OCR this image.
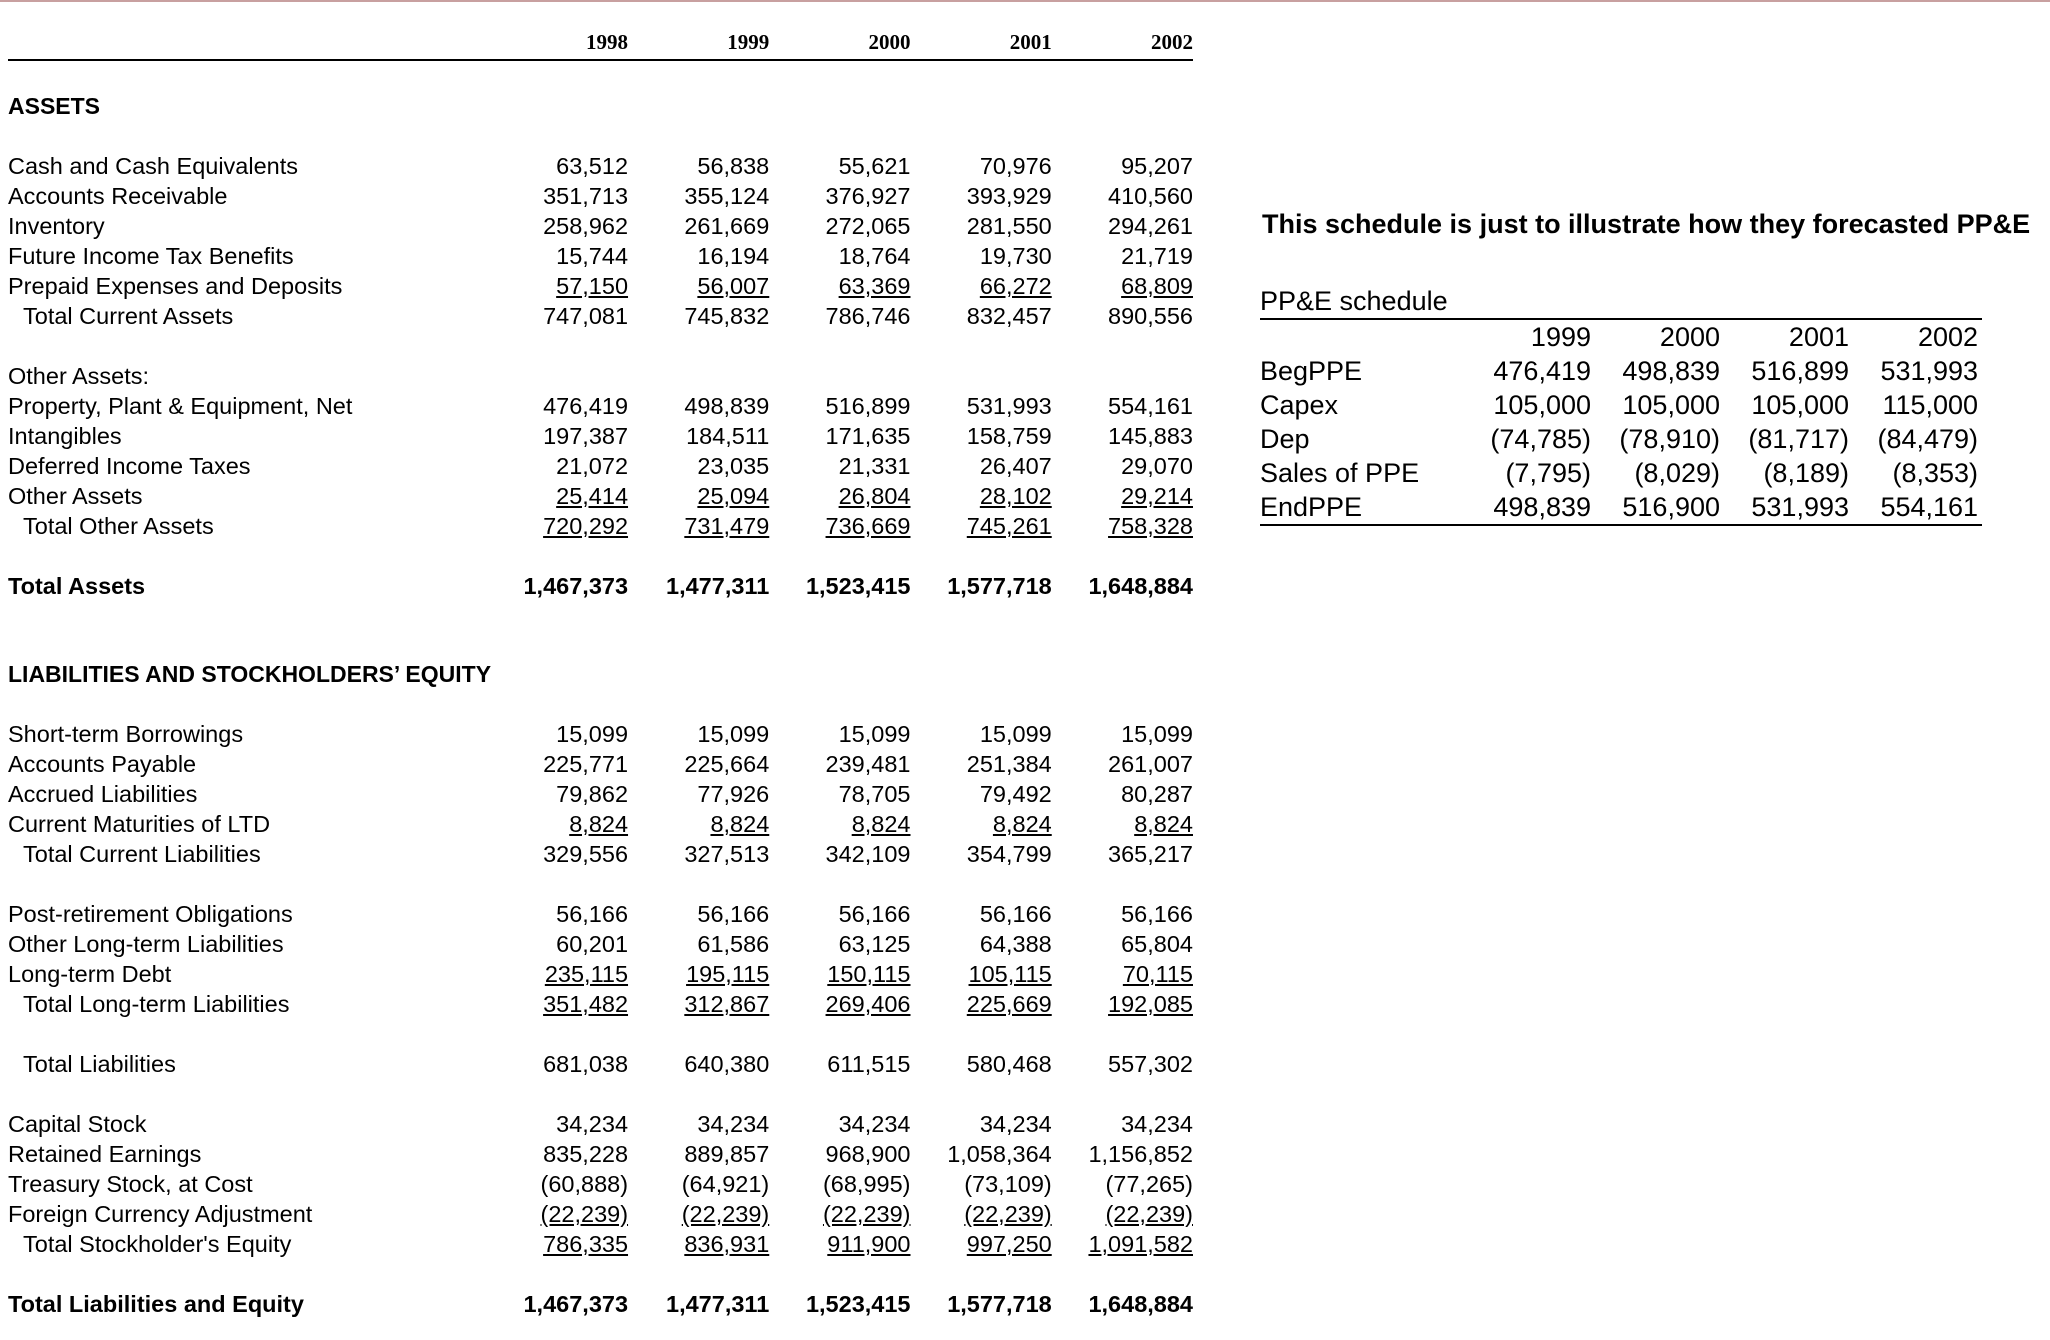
	1998	1999	2000	2001	2002

ASSETS					

Cash and Cash Equivalents	63,512	56,838	55,621	70,976	95,207
Accounts Receivable	351,713	355,124	376,927	393,929	410,560
Inventory	258,962	261,669	272,065	281,550	294,261
Future Income Tax Benefits	15,744	16,194	18,764	19,730	21,719
Prepaid Expenses and Deposits	57,150	56,007	63,369	66,272	68,809
Total Current Assets	747,081	745,832	786,746	832,457	890,556

Other Assets:					
Property, Plant & Equipment, Net	476,419	498,839	516,899	531,993	554,161
Intangibles	197,387	184,511	171,635	158,759	145,883
Deferred Income Taxes	21,072	23,035	21,331	26,407	29,070
Other Assets	25,414	25,094	26,804	28,102	29,214
Total Other Assets	720,292	731,479	736,669	745,261	758,328

Total Assets	1,467,373	1,477,311	1,523,415	1,577,718	1,648,884

LIABILITIES AND STOCKHOLDERS’ EQUITY					

Short-term Borrowings	15,099	15,099	15,099	15,099	15,099
Accounts Payable	225,771	225,664	239,481	251,384	261,007
Accrued Liabilities	79,862	77,926	78,705	79,492	80,287
Current Maturities of LTD	8,824	8,824	8,824	8,824	8,824
Total Current Liabilities	329,556	327,513	342,109	354,799	365,217

Post-retirement Obligations	56,166	56,166	56,166	56,166	56,166
Other Long-term Liabilities	60,201	61,586	63,125	64,388	65,804
Long-term Debt	235,115	195,115	150,115	105,115	70,115
Total Long-term Liabilities	351,482	312,867	269,406	225,669	192,085

Total Liabilities	681,038	640,380	611,515	580,468	557,302

Capital Stock	34,234	34,234	34,234	34,234	34,234
Retained Earnings	835,228	889,857	968,900	1,058,364	1,156,852
Treasury Stock, at Cost	(60,888)	(64,921)	(68,995)	(73,109)	(77,265)
Foreign Currency Adjustment	(22,239)	(22,239)	(22,239)	(22,239)	(22,239)
Total Stockholder's Equity	786,335	836,931	911,900	997,250	1,091,582

Total Liabilities and Equity	1,467,373	1,477,311	1,523,415	1,577,718	1,648,884
This schedule is just to illustrate how they forecasted PP&E
PP&E schedule				
	1999	2000	2001	2002
BegPPE	476,419	498,839	516,899	531,993
Capex	105,000	105,000	105,000	115,000
Dep	(74,785)	(78,910)	(81,717)	(84,479)
Sales of PPE	(7,795)	(8,029)	(8,189)	(8,353)
EndPPE	498,839	516,900	531,993	554,161
